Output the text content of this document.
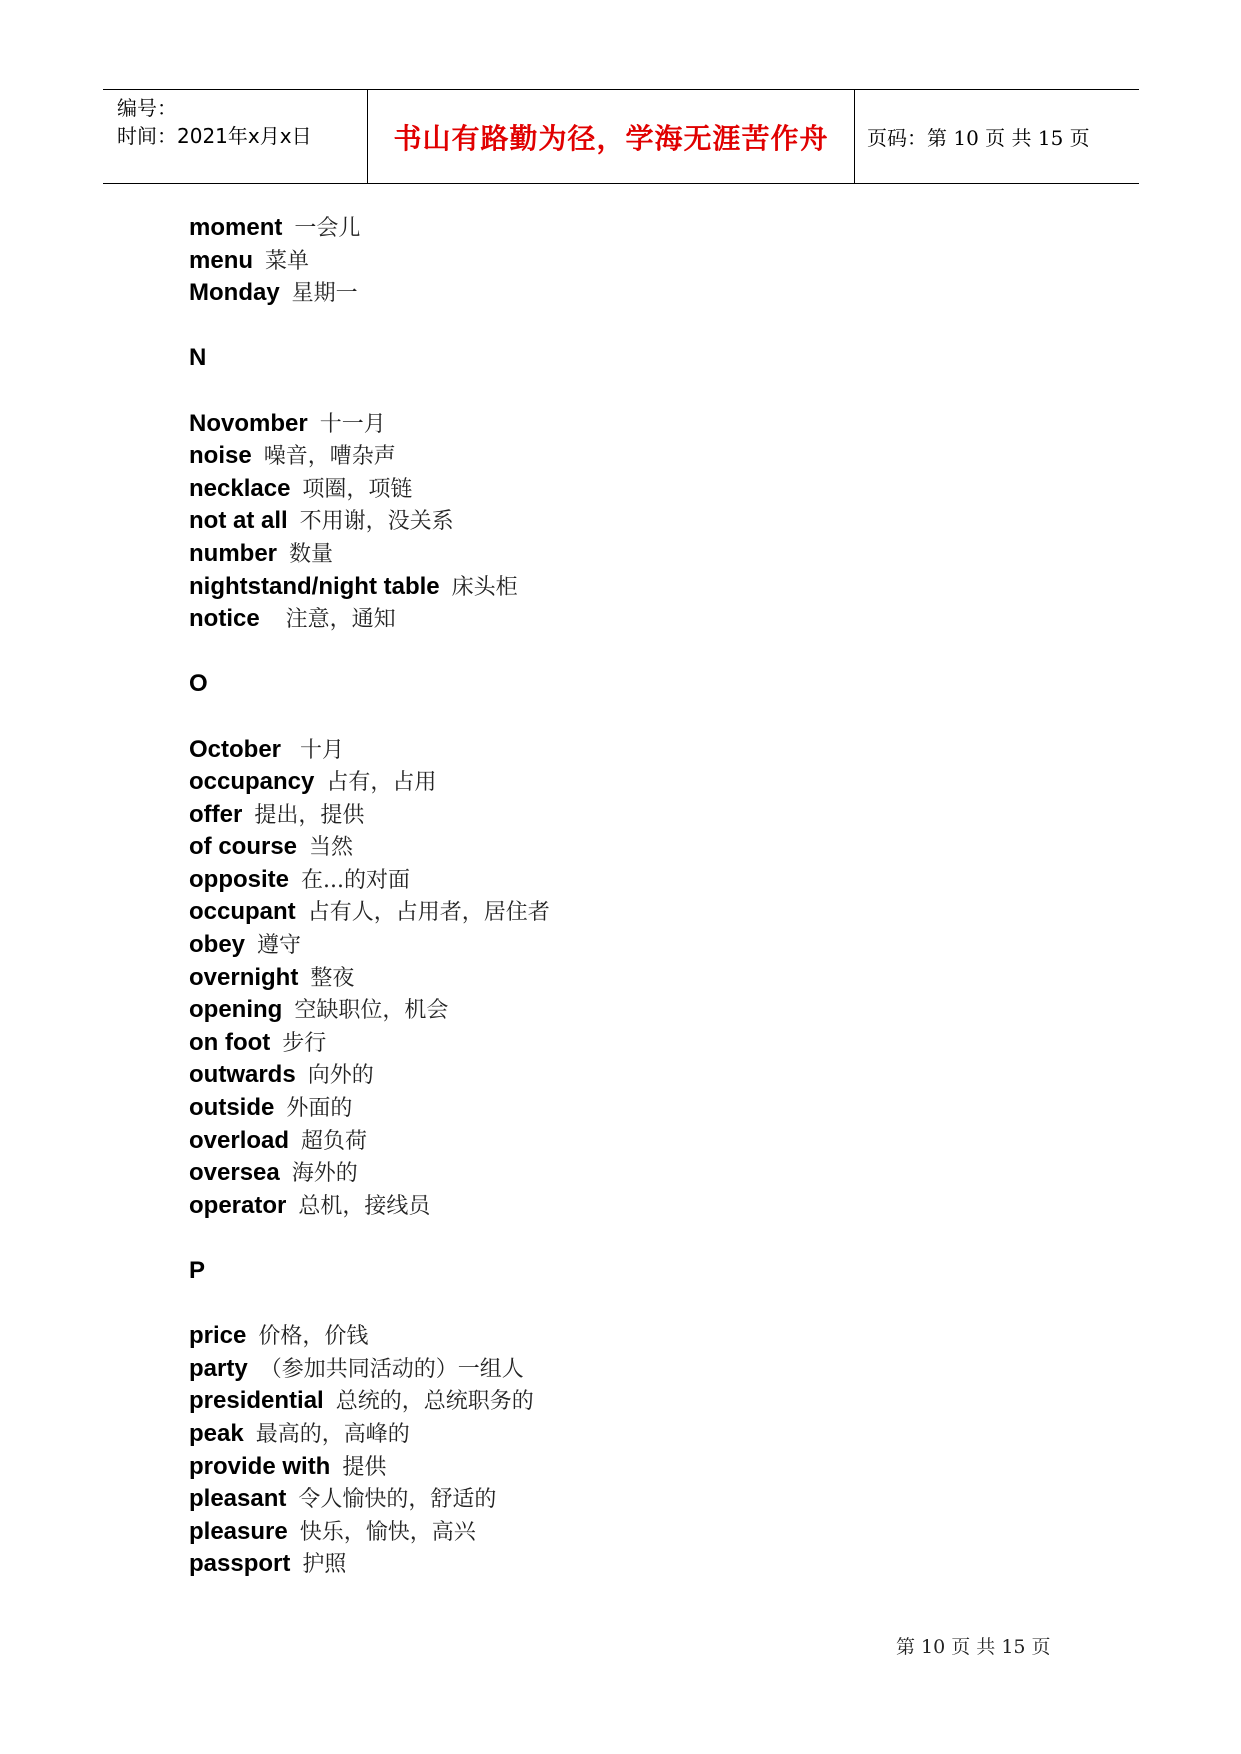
编号：
时间：2021年x月x日	书山有路勤为径，学海无涯苦作舟 页码：第 10 页 共 15 页
moment 一会儿
menu 菜单
Monday 星期一
N
Novomber 十一月
noise 噪音，嘈杂声
necklace 项圈，项链
not at all 不用谢，没关系
number 数量
nightstand/night table 床头柜
notice  注意，通知
O
October 十月
occupancy 占有，占用
offer 提出，提供
of course 当然
opposite 在...的对面
occupant 占有人，占用者，居住者
obey 遵守
overnight 整夜
opening 空缺职位，机会
on foot 步行
outwards 向外的
outside 外面的
overload 超负荷
oversea 海外的
operator 总机，接线员
P
price 价格，价钱
party （参加共同活动的）一组人
presidential 总统的，总统职务的
peak 最高的，高峰的
provide with 提供
pleasant 令人愉快的，舒适的
pleasure 快乐，愉快，高兴
passport 护照
第 10 页 共 15 页
